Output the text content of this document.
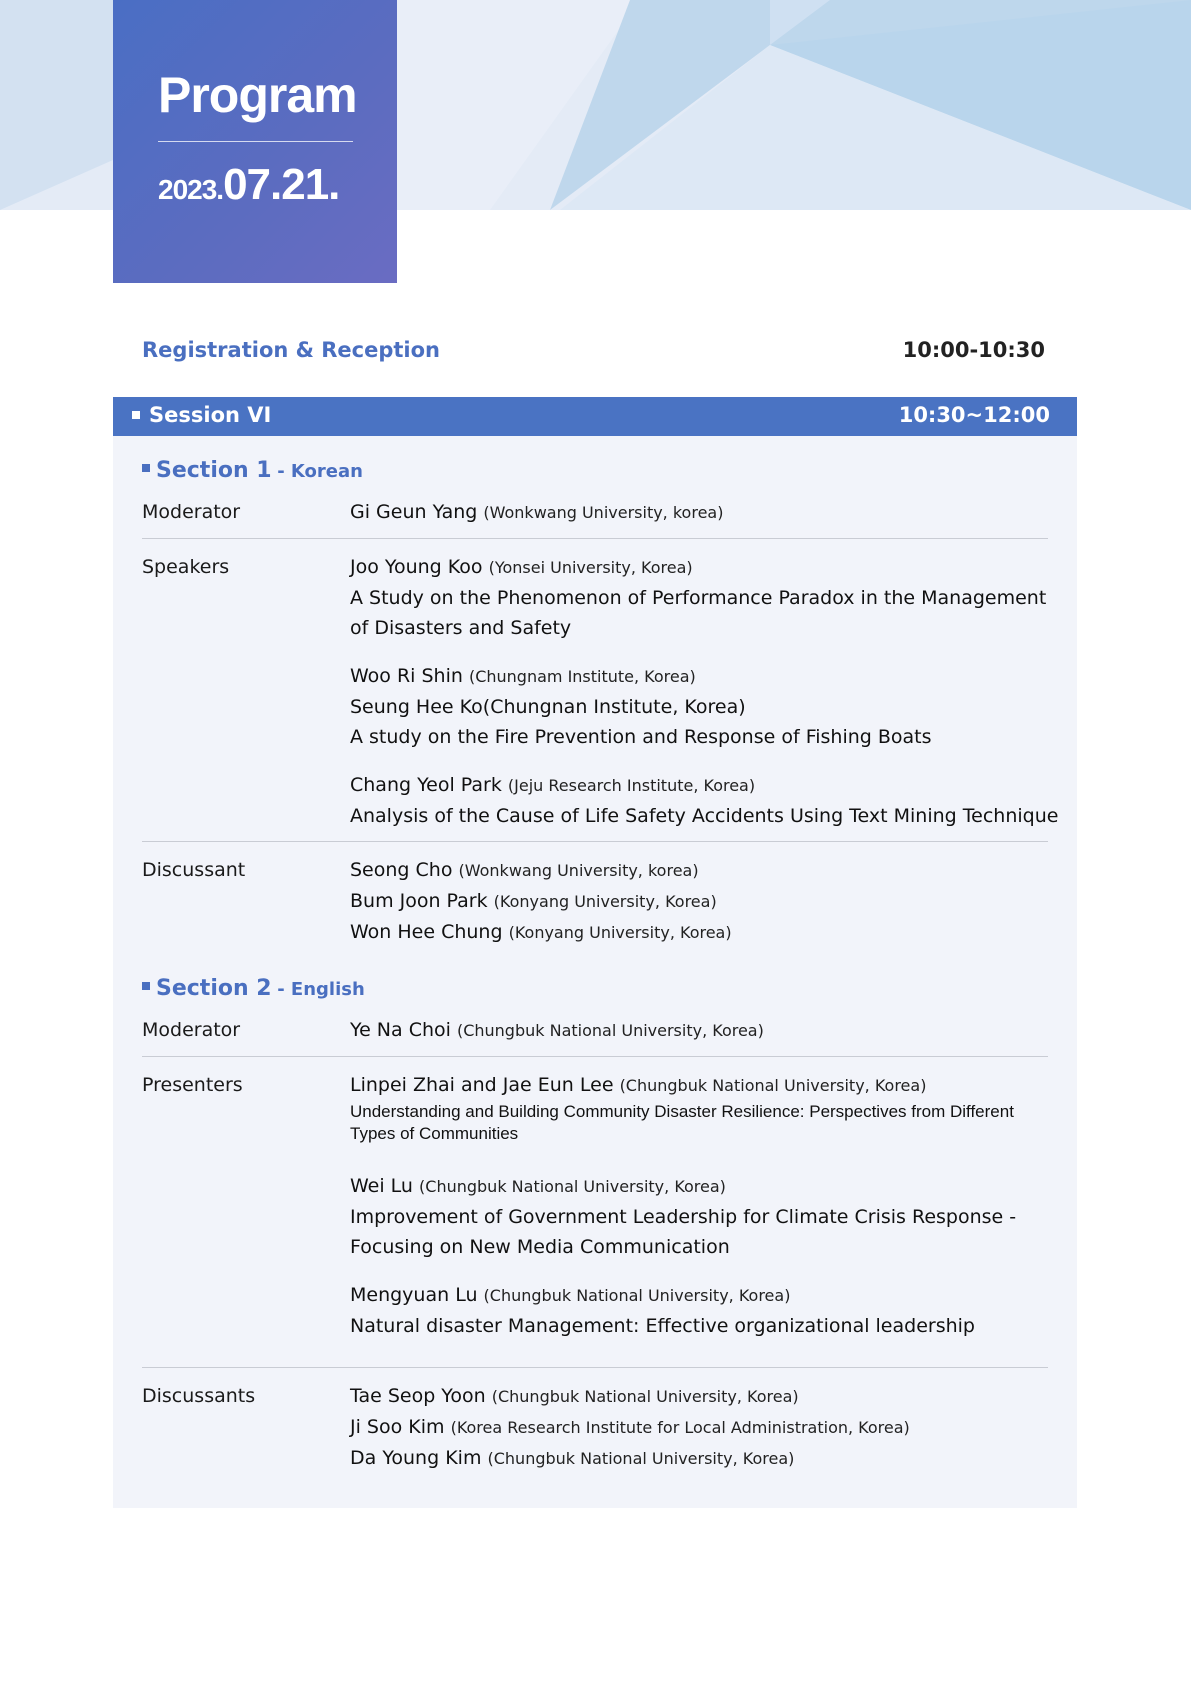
Program
2023.07.21.
Registration & Reception	10:00-10:30
Session VI	10:30~12:00
Section 1 - Korean
Moderator	Gi Geun Yang (Wonkwang University, korea)
Speakers	Joo Young Koo (Yonsei University, Korea)
A Study on the Phenomenon of Performance Paradox in the Management of Disasters and Safety
Woo Ri Shin (Chungnam Institute, Korea)
Seung Hee Ko(Chungnan Institute, Korea)
A study on the Fire Prevention and Response of Fishing Boats
Chang Yeol Park (Jeju Research Institute, Korea)
Analysis of the Cause of Life Safety Accidents Using Text Mining Technique
Discussant	Seong Cho (Wonkwang University, korea)
Bum Joon Park (Konyang University, Korea)
Won Hee Chung (Konyang University, Korea)
Section 2 - English
Moderator	Ye Na Choi (Chungbuk National University, Korea)
Presenters	Linpei Zhai and Jae Eun Lee (Chungbuk National University, Korea)
Understanding and Building Community Disaster Resilience: Perspectives from Different Types of Communities
Wei Lu (Chungbuk National University, Korea)
Improvement of Government Leadership for Climate Crisis Response - Focusing on New Media Communication
Mengyuan Lu (Chungbuk National University, Korea)
Natural disaster Management: Effective organizational leadership
Discussants	Tae Seop Yoon (Chungbuk National University, Korea)
Ji Soo Kim (Korea Research Institute for Local Administration, Korea)
Da Young Kim (Chungbuk National University, Korea)
